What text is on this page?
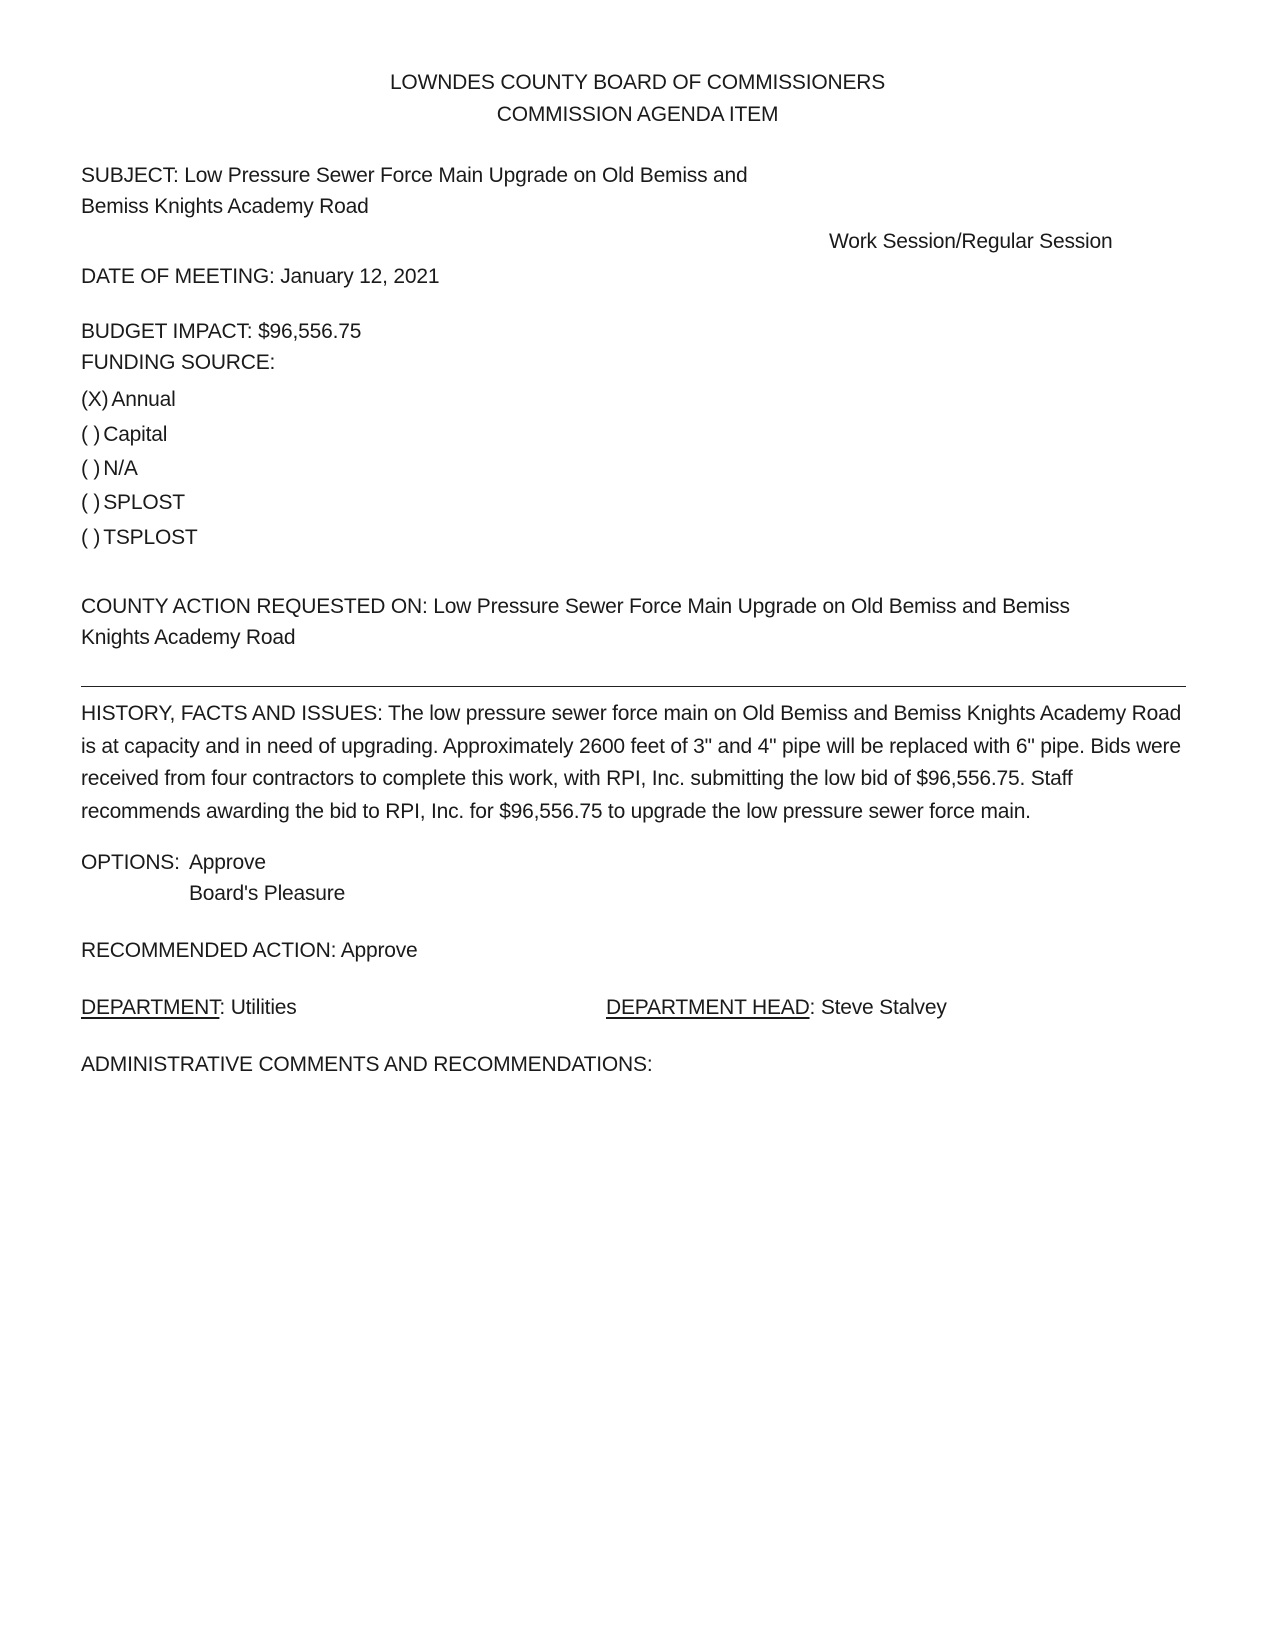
LOWNDES COUNTY BOARD OF COMMISSIONERS
COMMISSION AGENDA ITEM
SUBJECT: Low Pressure Sewer Force Main Upgrade on Old Bemiss and
Bemiss Knights Academy Road
Work Session/Regular Session
DATE OF MEETING: January 12, 2021
BUDGET IMPACT: $96,556.75
FUNDING SOURCE:
(X) Annual
( ) Capital
( ) N/A
( ) SPLOST
( ) TSPLOST
COUNTY ACTION REQUESTED ON: Low Pressure Sewer Force Main Upgrade on Old Bemiss and Bemiss
Knights Academy Road
HISTORY, FACTS AND ISSUES: The low pressure sewer force main on Old Bemiss and Bemiss Knights Academy Road is at capacity and in need of upgrading. Approximately 2600 feet of 3" and 4" pipe will be replaced with 6" pipe. Bids were received from four contractors to complete this work, with RPI, Inc. submitting the low bid of $96,556.75. Staff recommends awarding the bid to RPI, Inc. for $96,556.75 to upgrade the low pressure sewer force main.
OPTIONS: Approve
Board's Pleasure
RECOMMENDED ACTION: Approve
DEPARTMENT: Utilities	DEPARTMENT HEAD: Steve Stalvey
ADMINISTRATIVE COMMENTS AND RECOMMENDATIONS:
